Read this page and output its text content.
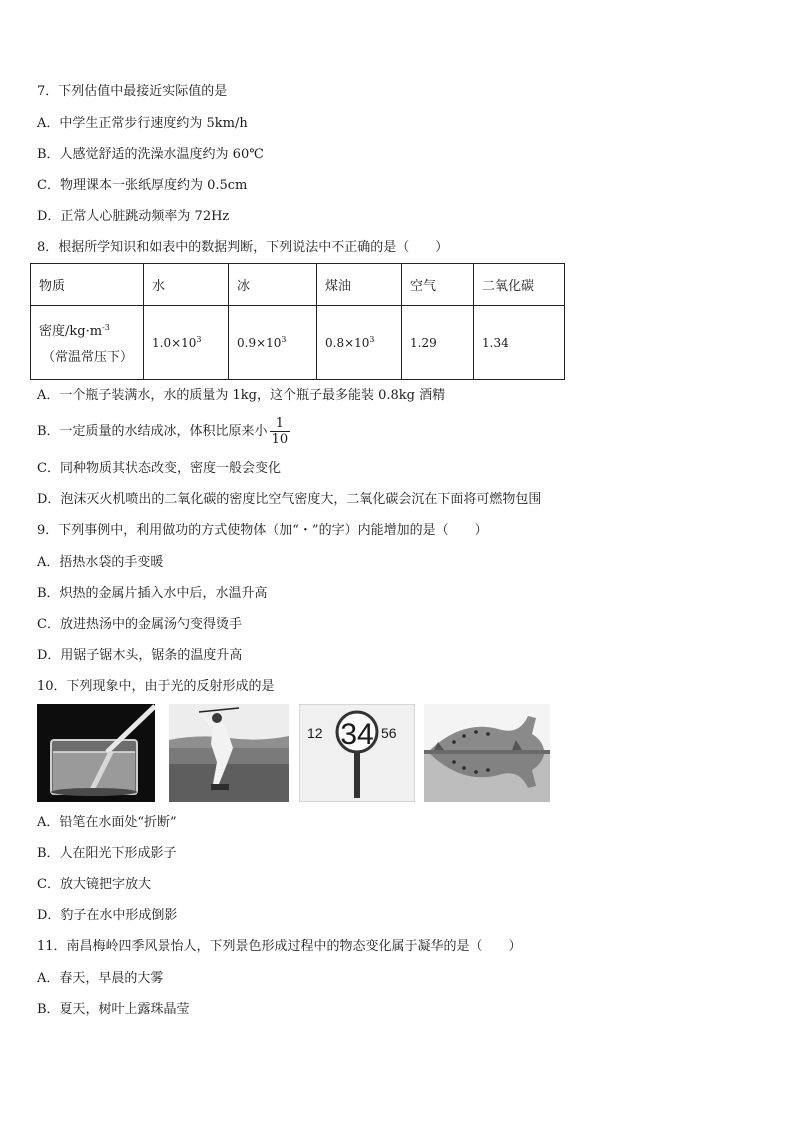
7．下列估值中最接近实际值的是
A．中学生正常步行速度约为 5km/h
B．人感觉舒适的洗澡水温度约为 60℃
C．物理课本一张纸厚度约为 0.5cm
D．正常人心脏跳动频率为 72Hz
8．根据所学知识和如表中的数据判断，下列说法中不正确的是（　　）
物质	水	冰	煤油	空气	二氧化碳

密度$/kg\cdot m^{-3}$
（常温常压下）	$1.0\times 10^3$	$0.9\times 10^3$	$0.8\times 10^3$	1.29	1.34
A．一个瓶子装满水，水的质量为 1kg，这个瓶子最多能装 0.8kg 酒精
B．一定质量的水结成冰，体积比原来小 $\frac{1}{10}$
C．同种物质其状态改变，密度一般会变化
D．泡沫灭火机喷出的二氧化碳的密度比空气密度大，二氧化碳会沉在下面将可燃物包围
9．下列事例中，利用做功的方式使物体（加“・”的字）内能增加的是（　　）
A．捂热水袋的手变暖
B．炽热的金属片插入水中后，水温升高
C．放进热汤中的金属汤勺变得烫手
D．用锯子锯木头，锯条的温度升高
10．下列现象中，由于光的反射形成的是
12 34 56
A．铅笔在水面处“折断”
B．人在阳光下形成影子
C．放大镜把字放大
D．豹子在水中形成倒影
11．南昌梅岭四季风景怡人，下列景色形成过程中的物态变化属于凝华的是（　　）
A．春天，早晨的大雾
B．夏天，树叶上露珠晶莹
